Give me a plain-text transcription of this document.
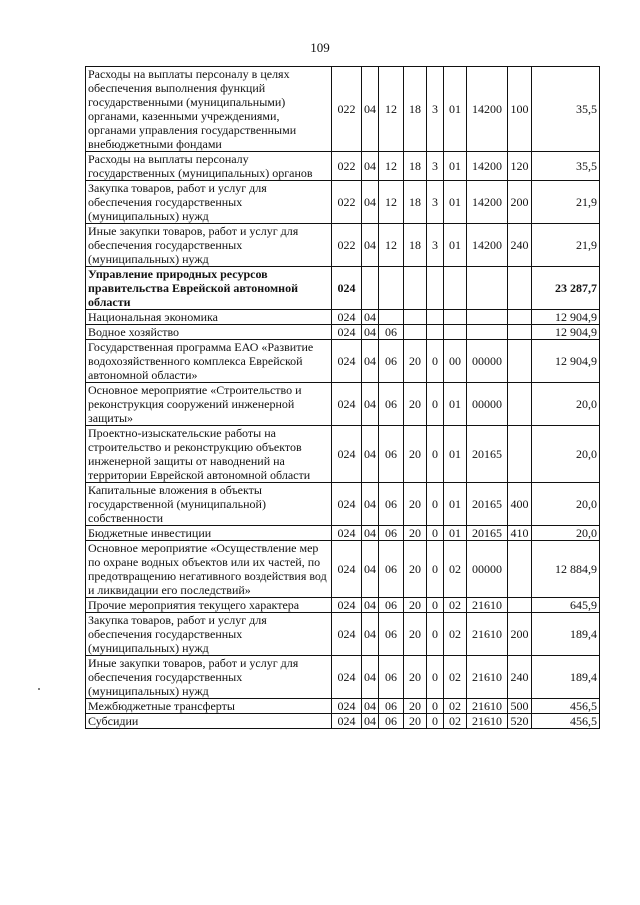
109
Расходы на выплаты персоналу в целях обеспечения выполнения функций государственными (муниципальными) органами, казенными учреждениями, органами управления государственными внебюджетными фондами	022	04	12	18	3	01	14200	100	35,5
Расходы на выплаты персоналу государственных (муниципальных) органов	022	04	12	18	3	01	14200	120	35,5
Закупка товаров, работ и услуг для обеспечения государственных (муниципальных) нужд	022	04	12	18	3	01	14200	200	21,9
Иные закупки товаров, работ и услуг для обеспечения государственных (муниципальных) нужд	022	04	12	18	3	01	14200	240	21,9
Управление природных ресурсов правительства Еврейской автономной области	024								23 287,7
Национальная экономика	024	04							12 904,9
Водное хозяйство	024	04	06						12 904,9
Государственная программа ЕАО «Развитие водохозяйственного комплекса Еврейской автономной области»	024	04	06	20	0	00	00000		12 904,9
Основное мероприятие «Строительство и реконструкция сооружений инженерной защиты»	024	04	06	20	0	01	00000		20,0
Проектно-изыскательские работы на строительство и реконструкцию объектов инженерной защиты от наводнений на территории Еврейской автономной области	024	04	06	20	0	01	20165		20,0
Капитальные вложения в объекты государственной (муниципальной) собственности	024	04	06	20	0	01	20165	400	20,0
Бюджетные инвестиции	024	04	06	20	0	01	20165	410	20,0
Основное мероприятие «Осуществление мер по охране водных объектов или их частей, по предотвращению негативного воздействия вод и ликвидации его последствий»	024	04	06	20	0	02	00000		12 884,9
Прочие мероприятия текущего характера	024	04	06	20	0	02	21610		645,9
Закупка товаров, работ и услуг для обеспечения государственных (муниципальных) нужд	024	04	06	20	0	02	21610	200	189,4
Иные закупки товаров, работ и услуг для обеспечения государственных (муниципальных) нужд	024	04	06	20	0	02	21610	240	189,4
Межбюджетные трансферты	024	04	06	20	0	02	21610	500	456,5
Субсидии	024	04	06	20	0	02	21610	520	456,5
